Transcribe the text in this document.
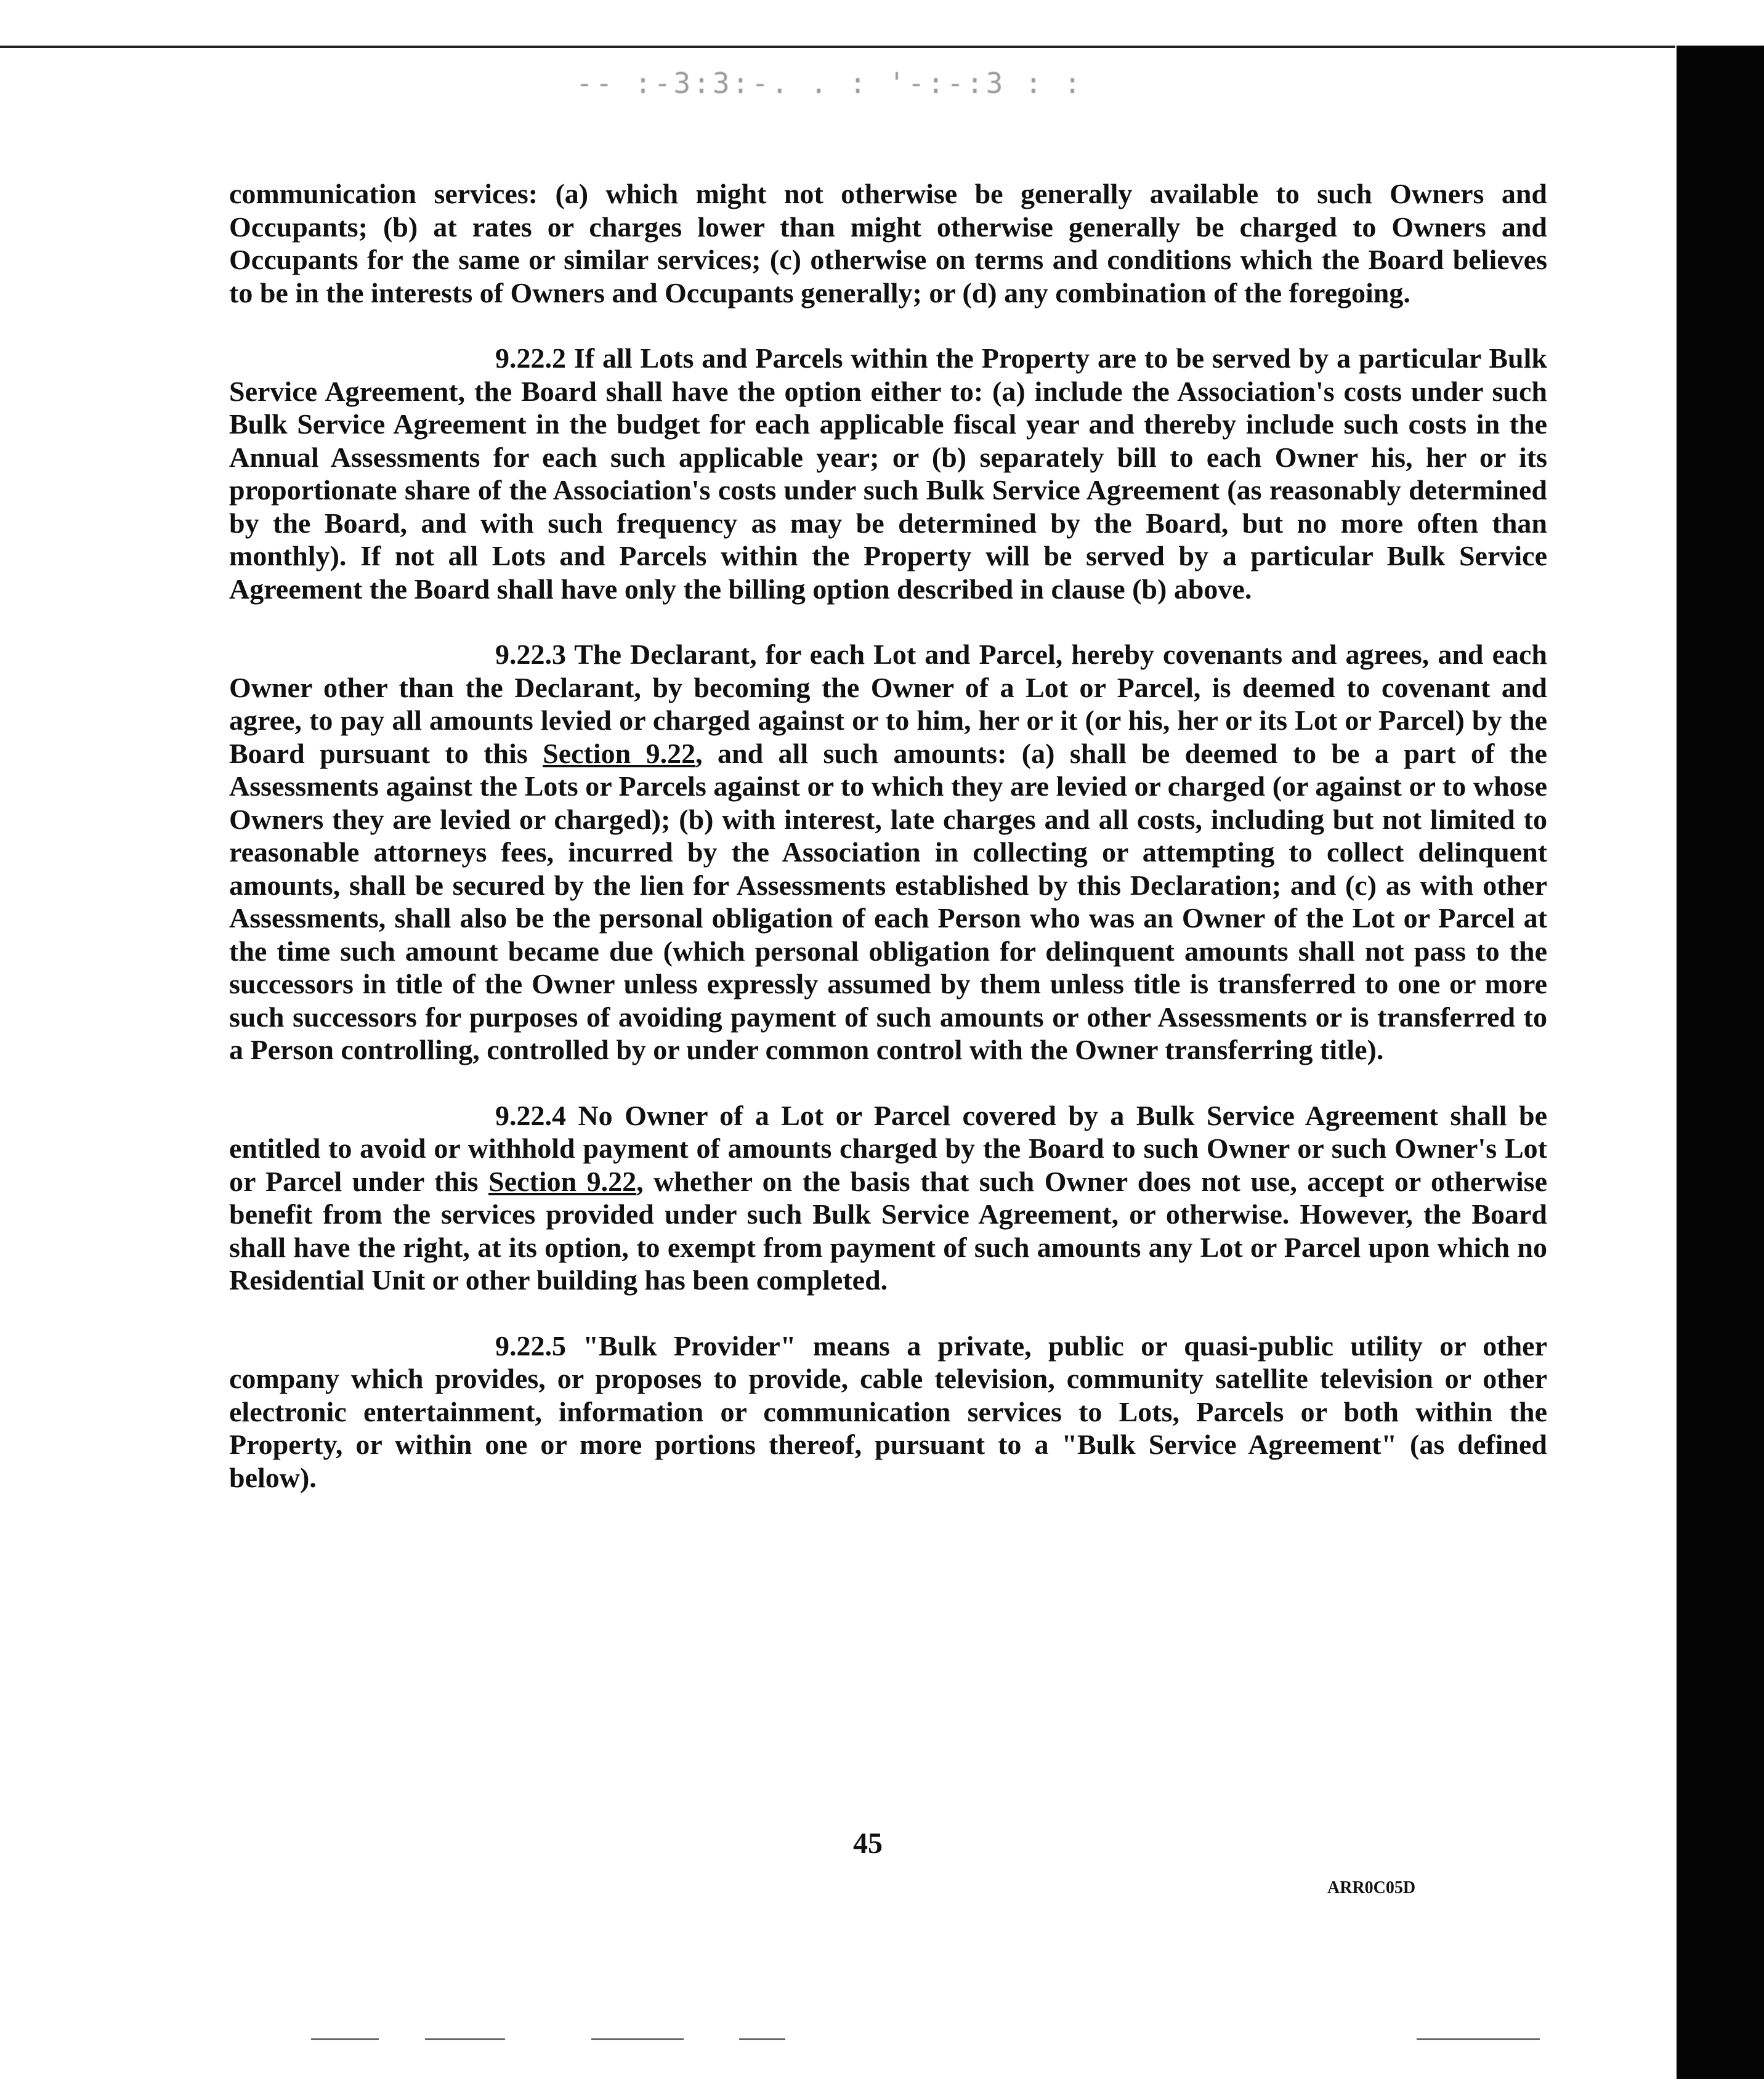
-- :-3:3:-. . : '-:-:3 : :

communication services: (a) which might not otherwise be generally available to such Owners and Occupants; (b) at rates or charges lower than might otherwise generally be charged to Owners and Occupants for the same or similar services; (c) otherwise on terms and conditions which the Board believes to be in the interests of Owners and Occupants generally; or (d) any combination of the foregoing.

9.22.2 If all Lots and Parcels within the Property are to be served by a particular Bulk Service Agreement, the Board shall have the option either to: (a) include the Association's costs under such Bulk Service Agreement in the budget for each applicable fiscal year and thereby include such costs in the Annual Assessments for each such applicable year; or (b) separately bill to each Owner his, her or its proportionate share of the Association's costs under such Bulk Service Agreement (as reasonably determined by the Board, and with such frequency as may be determined by the Board, but no more often than monthly). If not all Lots and Parcels within the Property will be served by a particular Bulk Service Agreement the Board shall have only the billing option described in clause (b) above.

9.22.3 The Declarant, for each Lot and Parcel, hereby covenants and agrees, and each Owner other than the Declarant, by becoming the Owner of a Lot or Parcel, is deemed to covenant and agree, to pay all amounts levied or charged against or to him, her or it (or his, her or its Lot or Parcel) by the Board pursuant to this Section 9.22, and all such amounts: (a) shall be deemed to be a part of the Assessments against the Lots or Parcels against or to which they are levied or charged (or against or to whose Owners they are levied or charged); (b) with interest, late charges and all costs, including but not limited to reasonable attorneys fees, incurred by the Association in collecting or attempting to collect delinquent amounts, shall be secured by the lien for Assessments established by this Declaration; and (c) as with other Assessments, shall also be the personal obligation of each Person who was an Owner of the Lot or Parcel at the time such amount became due (which personal obligation for delinquent amounts shall not pass to the successors in title of the Owner unless expressly assumed by them unless title is transferred to one or more such successors for purposes of avoiding payment of such amounts or other Assessments or is transferred to a Person controlling, controlled by or under common control with the Owner transferring title).

9.22.4 No Owner of a Lot or Parcel covered by a Bulk Service Agreement shall be entitled to avoid or withhold payment of amounts charged by the Board to such Owner or such Owner's Lot or Parcel under this Section 9.22, whether on the basis that such Owner does not use, accept or otherwise benefit from the services provided under such Bulk Service Agreement, or otherwise. However, the Board shall have the right, at its option, to exempt from payment of such amounts any Lot or Parcel upon which no Residential Unit or other building has been completed.

9.22.5 "Bulk Provider" means a private, public or quasi-public utility or other company which provides, or proposes to provide, cable television, community satellite television or other electronic entertainment, information or communication services to Lots, Parcels or both within the Property, or within one or more portions thereof, pursuant to a "Bulk Service Agreement" (as defined below).

45
ARR0C05D
